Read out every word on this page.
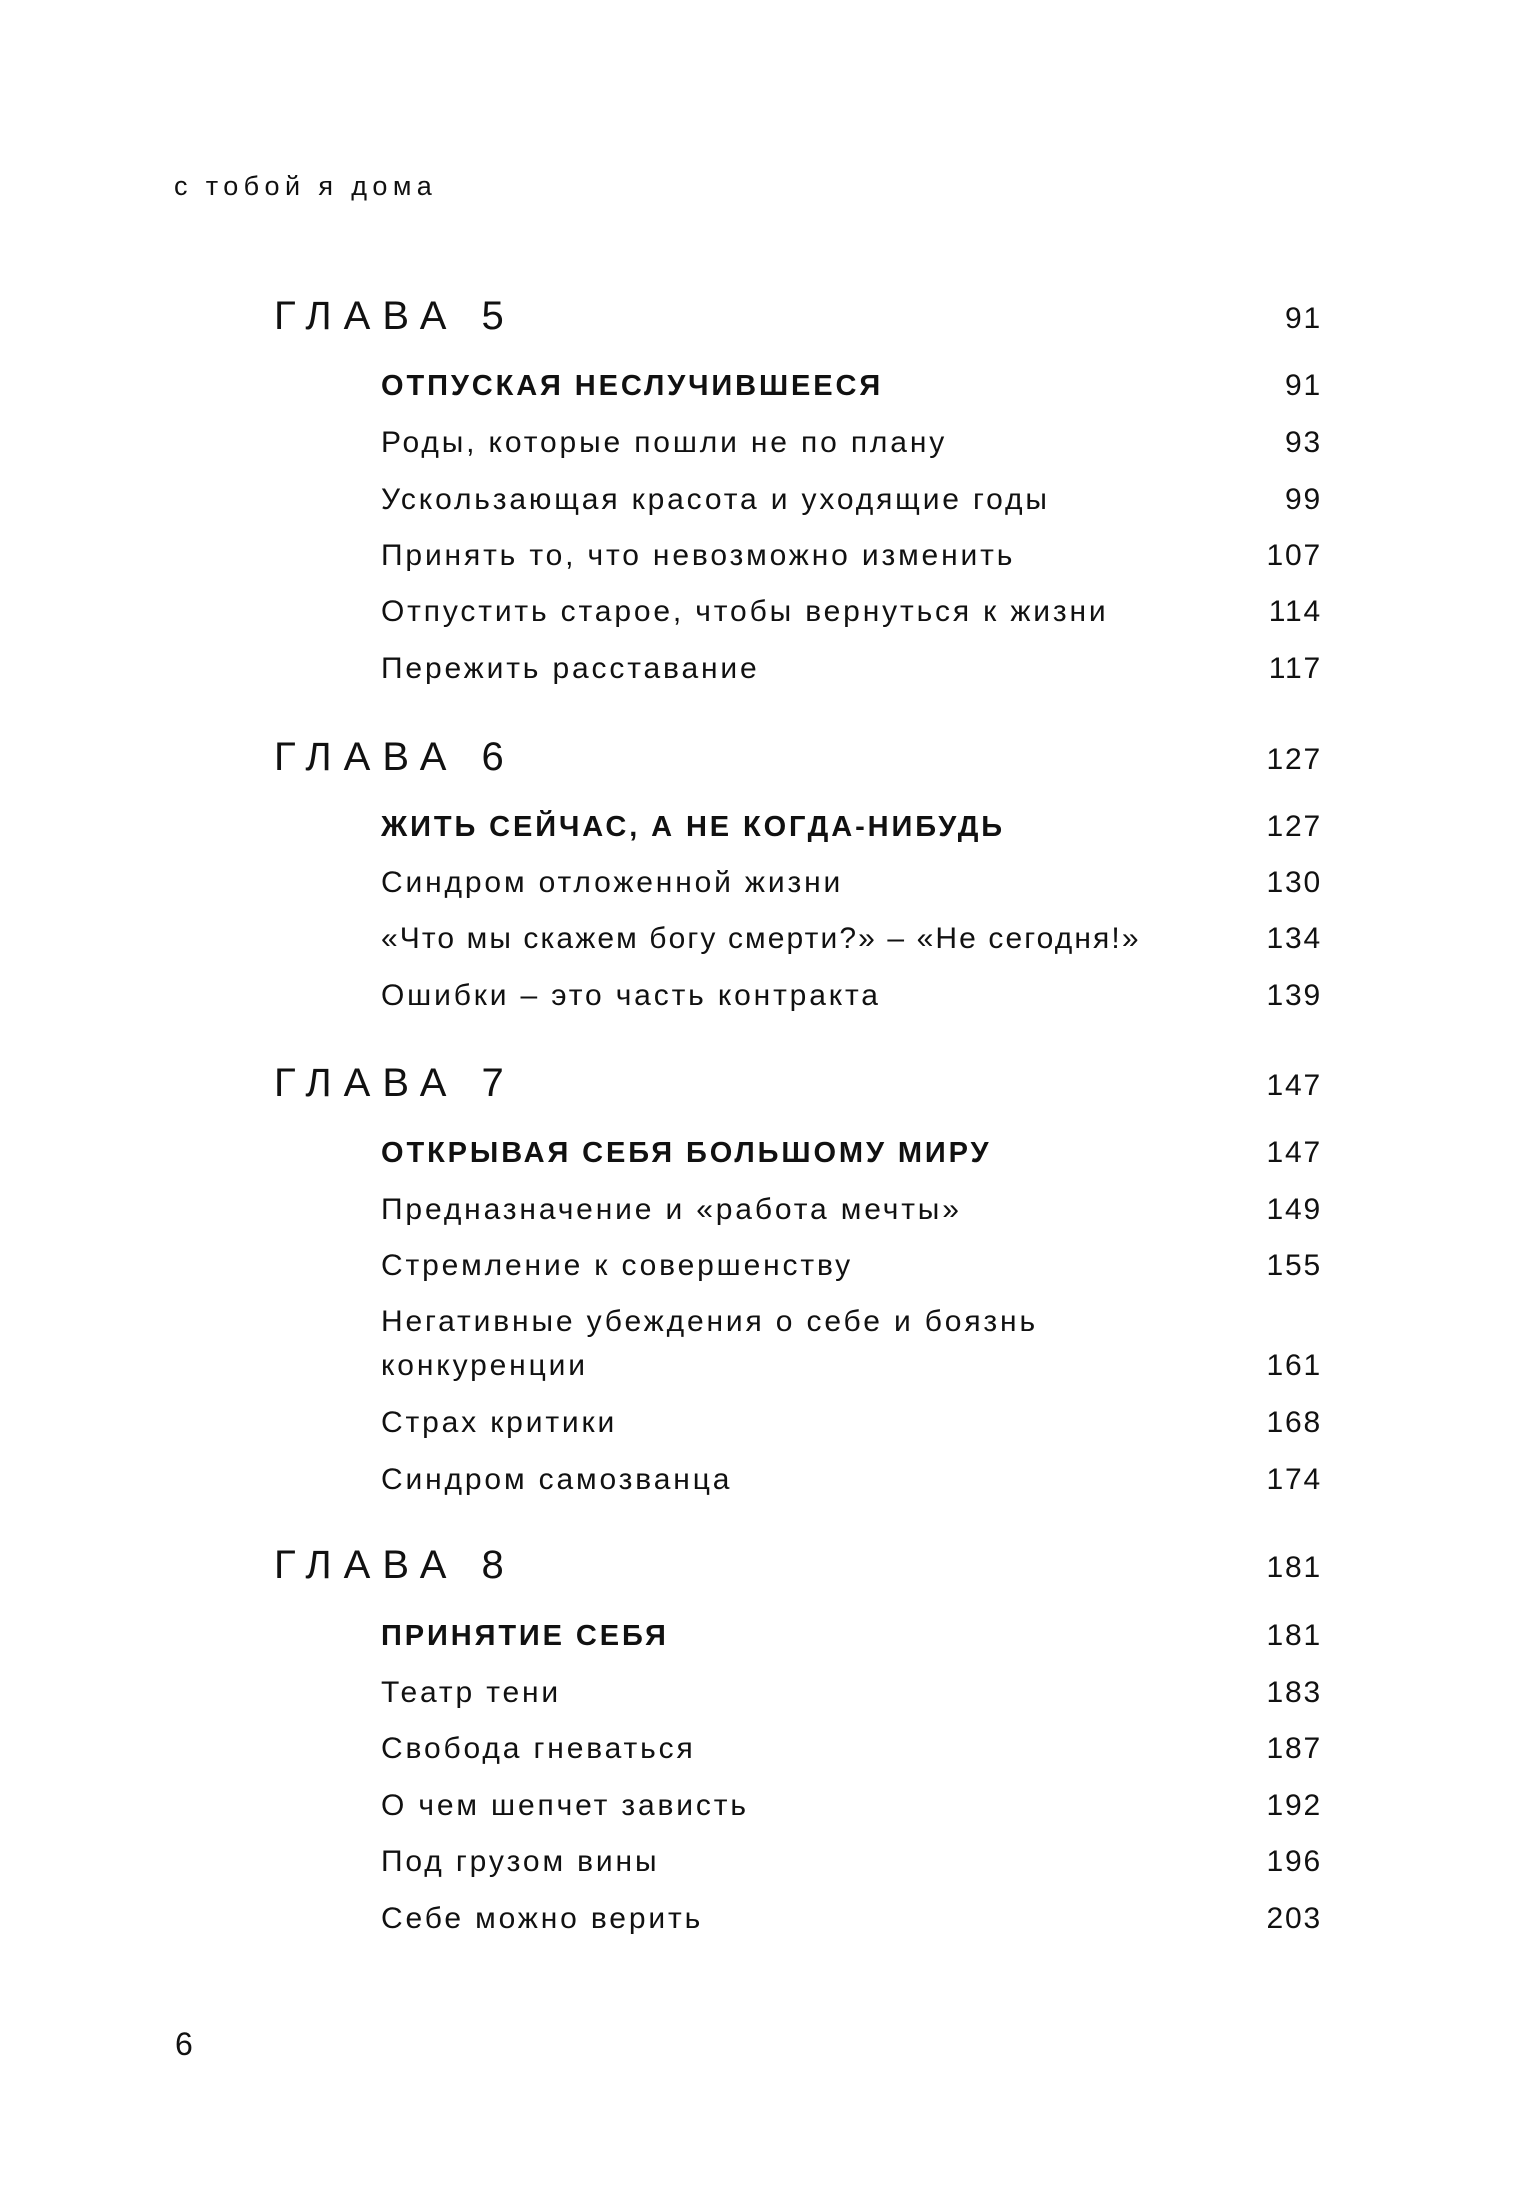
с тобой я дома
ГЛАВА 5	91
ОТПУСКАЯ НЕСЛУЧИВШЕЕСЯ	91
Роды, которые пошли не по плану	93
Ускользающая красота и уходящие годы	99
Принять то, что невозможно изменить	107
Отпустить старое, чтобы вернуться к жизни	114
Пережить расставание	117
ГЛАВА 6	127
ЖИТЬ СЕЙЧАС, А НЕ КОГДА-НИБУДЬ	127
Синдром отложенной жизни	130
«Что мы скажем богу смерти?» – «Не сегодня!»	134
Ошибки – это часть контракта	139
ГЛАВА 7	147
ОТКРЫВАЯ СЕБЯ БОЛЬШОМУ МИРУ	147
Предназначение и «работа мечты»	149
Стремление к совершенству	155
Негативные убеждения о себе и боязнь
конкуренции	161
Страх критики	168
Синдром самозванца	174
ГЛАВА 8	181
ПРИНЯТИЕ СЕБЯ	181
Театр тени	183
Свобода гневаться	187
О чем шепчет зависть	192
Под грузом вины	196
Себе можно верить	203
6
